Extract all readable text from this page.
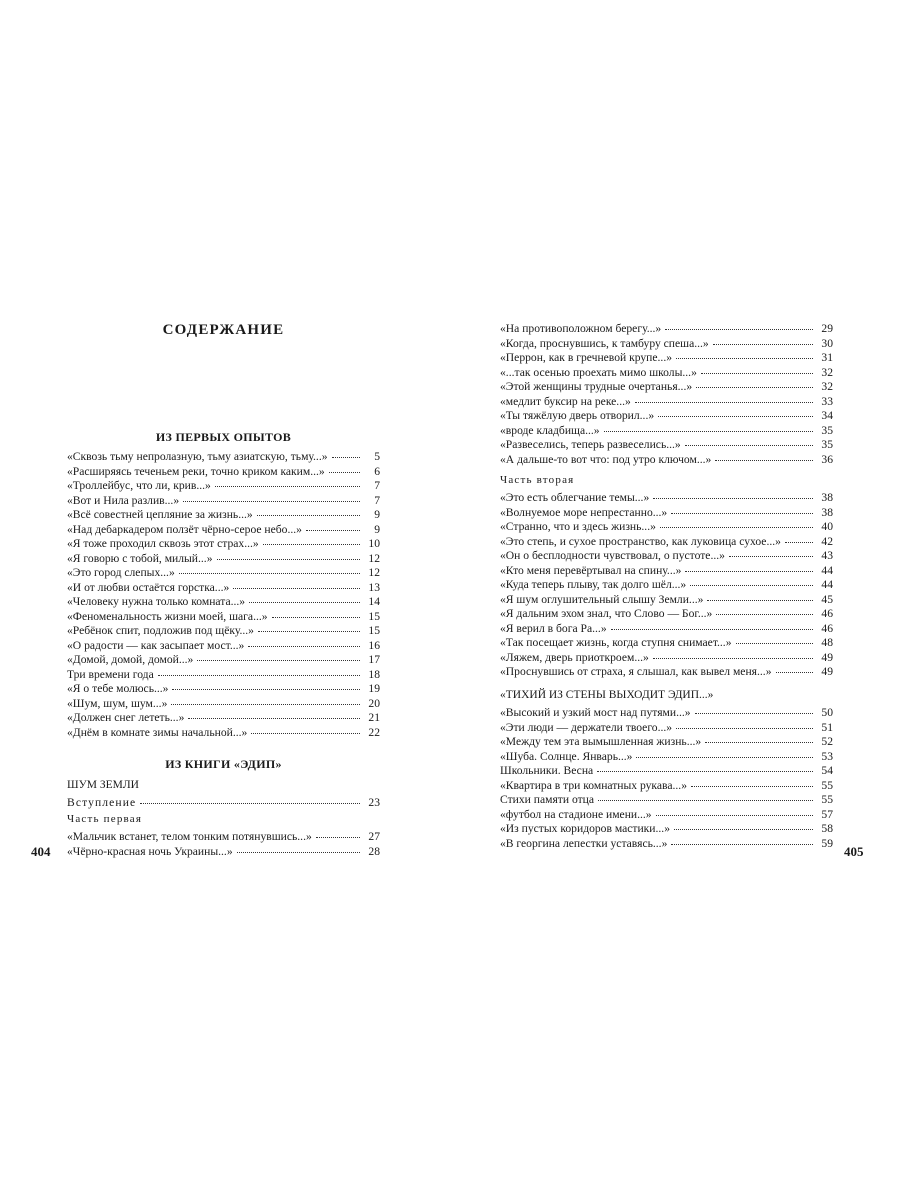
СОДЕРЖАНИЕ
ИЗ ПЕРВЫХ ОПЫТОВ
«Сквозь тьму непролазную, тьму азиатскую, тьму...»	5
«Расширяясь теченьем реки, точно криком каким...»	6
«Троллейбус, что ли, крив...»	7
«Вот и Нила разлив...»	7
«Всё совестней цепляние за жизнь...»	9
«Над дебаркадером ползёт чёрно-серое небо...»	9
«Я тоже проходил сквозь этот страх...»	10
«Я говорю с тобой, милый...»	12
«Это город слепых...»	12
«И от любви остаётся горстка...»	13
«Человеку нужна только комната...»	14
«Феноменальность жизни моей, шага...»	15
«Ребёнок спит, подложив под щёку...»	15
«О радости — как засыпает мост...»	16
«Домой, домой, домой...»	17
Три времени года	18
«Я о тебе молюсь...»	19
«Шум, шум, шум...»	20
«Должен снег лететь...»	21
«Днём в комнате зимы начальной...»	22
ИЗ КНИГИ «ЭДИП»
ШУМ ЗЕМЛИ
Вступление	23
Часть первая
«Мальчик встанет, телом тонким потянувшись...»	27
«Чёрно-красная ночь Украины...»	28
404
«На противоположном берегу...»	29
«Когда, проснувшись, к тамбуру спеша...»	30
«Перрон, как в гречневой крупе...»	31
«...так осенью проехать мимо школы...»	32
«Этой женщины трудные очертанья...»	32
«медлит буксир на реке...»	33
«Ты тяжёлую дверь отворил...»	34
«вроде кладбища...»	35
«Развеселись, теперь развеселись...»	35
«А дальше-то вот что: под утро ключом...»	36
Часть вторая
«Это есть облегчание темы...»	38
«Волнуемое море непрестанно...»	38
«Странно, что и здесь жизнь...»	40
«Это степь, и сухое пространство, как луковица сухое...»	42
«Он о бесплодности чувствовал, о пустоте...»	43
«Кто меня перевёртывал на спину...»	44
«Куда теперь плыву, так долго шёл...»	44
«Я шум оглушительный слышу Земли...»	45
«Я дальним эхом знал, что Слово — Бог...»	46
«Я верил в бога Ра...»	46
«Так посещает жизнь, когда ступня снимает...»	48
«Ляжем, дверь приоткроем...»	49
«Проснувшись от страха, я слышал, как вывел меня...»	49
«ТИХИЙ ИЗ СТЕНЫ ВЫХОДИТ ЭДИП...»
«Высокий и узкий мост над путями...»	50
«Эти люди — держатели твоего...»	51
«Между тем эта вымышленная жизнь...»	52
«Шуба. Солнце. Январь...»	53
Школьники. Весна	54
«Квартира в три комнатных рукава...»	55
Стихи памяти отца	55
«футбол на стадионе имени...»	57
«Из пустых коридоров мастики...»	58
«В георгина лепестки уставясь...»	59
405
